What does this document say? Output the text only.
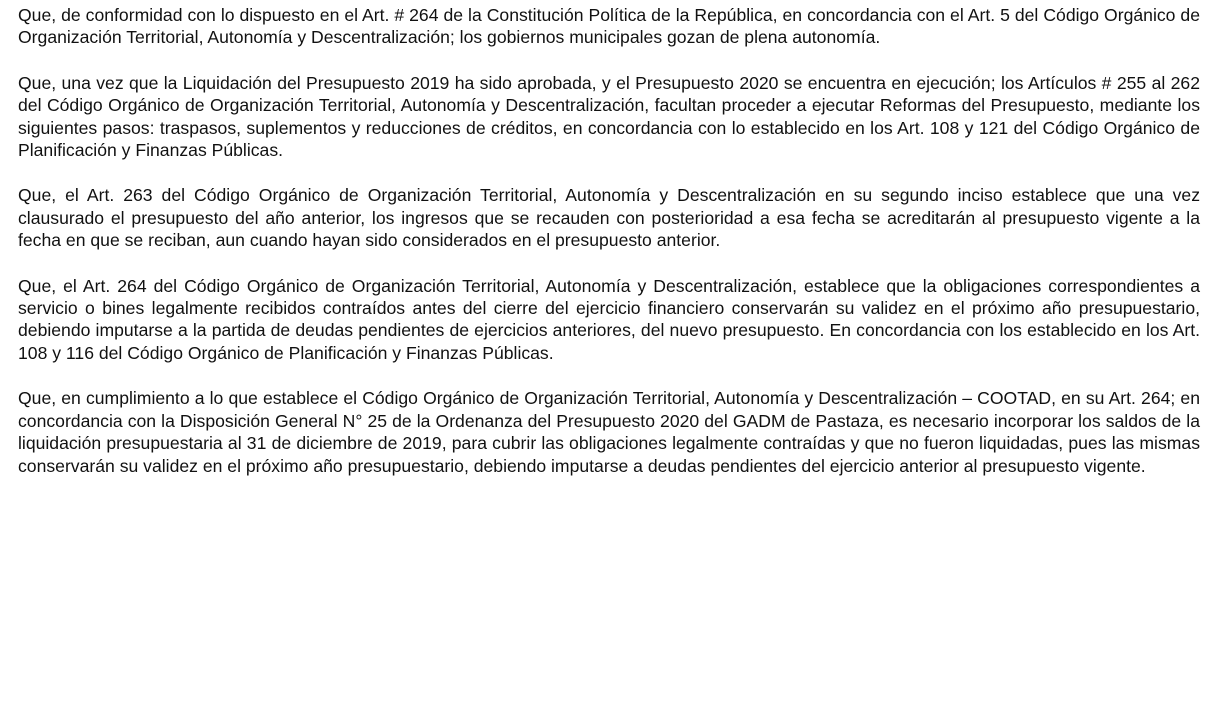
Que, de conformidad con lo dispuesto en el Art. # 264 de la Constitución Política de la República, en concordancia con el Art. 5 del Código Orgánico de Organización Territorial, Autonomía y Descentralización; los gobiernos municipales gozan de plena autonomía.

Que, una vez que la Liquidación del Presupuesto 2019 ha sido aprobada, y el Presupuesto 2020 se encuentra en ejecución; los Artículos # 255 al 262 del Código Orgánico de Organización Territorial, Autonomía y Descentralización, facultan proceder a ejecutar Reformas del Presupuesto, mediante los siguientes pasos: traspasos, suplementos y reducciones de créditos, en concordancia con lo establecido en los Art. 108 y 121 del Código Orgánico de Planificación y Finanzas Públicas.

Que, el Art. 263 del Código Orgánico de Organización Territorial, Autonomía y Descentralización en su segundo inciso establece que una vez clausurado el presupuesto del año anterior, los ingresos que se recauden con posterioridad a esa fecha se acreditarán al presupuesto vigente a la fecha en que se reciban, aun cuando hayan sido considerados en el presupuesto anterior.

Que, el Art. 264 del Código Orgánico de Organización Territorial, Autonomía y Descentralización, establece que la obligaciones correspondientes a servicio o bines legalmente recibidos contraídos antes del cierre del ejercicio financiero conservarán su validez en el próximo año presupuestario, debiendo imputarse a la partida de deudas pendientes de ejercicios anteriores, del nuevo presupuesto. En concordancia con los establecido en los Art. 108 y 116 del Código Orgánico de Planificación y Finanzas Públicas.

Que, en cumplimiento a lo que establece el Código Orgánico de Organización Territorial, Autonomía y Descentralización – COOTAD, en su Art. 264; en concordancia con la Disposición General N° 25 de la Ordenanza del Presupuesto 2020 del GADM de Pastaza, es necesario incorporar los saldos de la liquidación presupuestaria al 31 de diciembre de 2019, para cubrir las obligaciones legalmente contraídas y que no fueron liquidadas, pues las mismas conservarán su validez en el próximo año presupuestario, debiendo imputarse a deudas pendientes del ejercicio anterior al presupuesto vigente.
